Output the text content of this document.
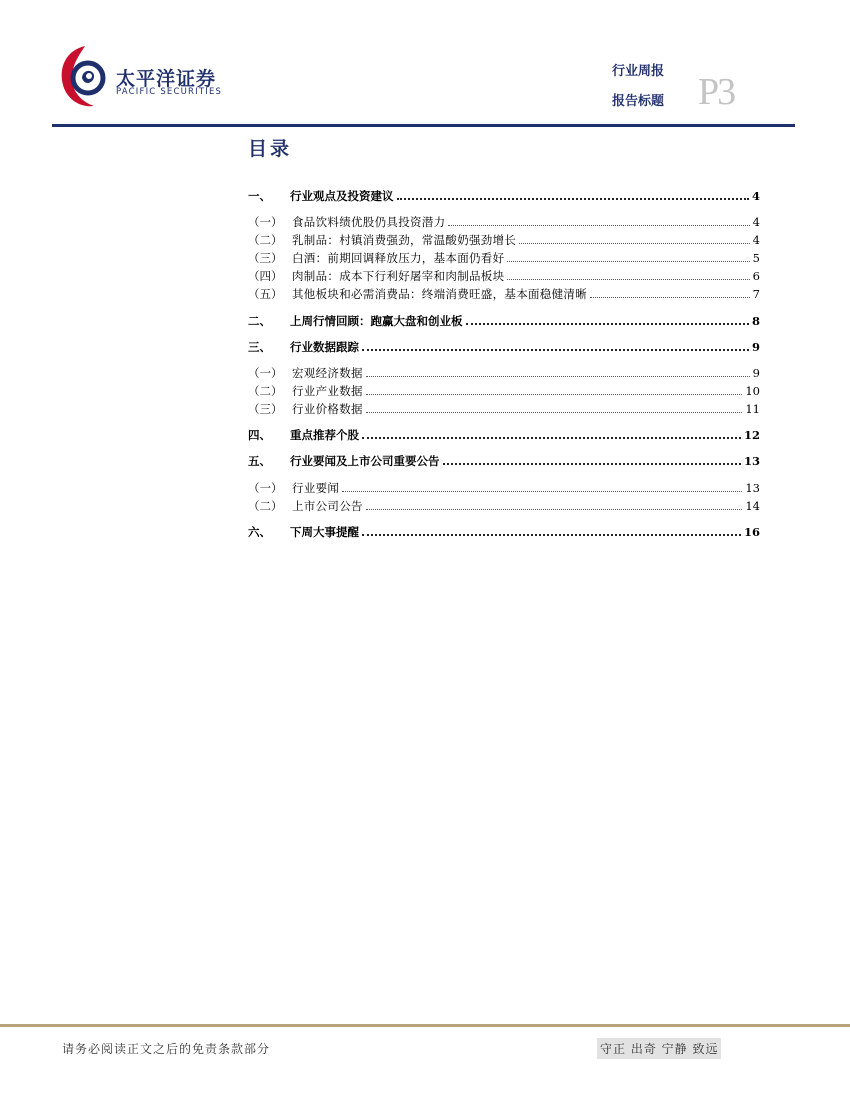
太平洋证券
PACIFIC SECURITIES
行业周报
报告标题 P3
目录
一、	行业观点及投资建议	4
（一） 食品饮料绩优股仍具投资潜力	4
（二） 乳制品：村镇消费强劲，常温酸奶强劲增长	4
（三） 白酒：前期回调释放压力，基本面仍看好	5
（四） 肉制品：成本下行利好屠宰和肉制品板块	6
（五） 其他板块和必需消费品：终端消费旺盛，基本面稳健清晰	7
二、	上周行情回顾：跑赢大盘和创业板	8
三、	行业数据跟踪	9
（一） 宏观经济数据	9
（二） 行业产业数据	10
（三） 行业价格数据	11
四、	重点推荐个股	12
五、	行业要闻及上市公司重要公告	13
（一） 行业要闻	13
（二） 上市公司公告	14
六、	下周大事提醒	16
请务必阅读正文之后的免责条款部分	守正 出奇 宁静 致远
